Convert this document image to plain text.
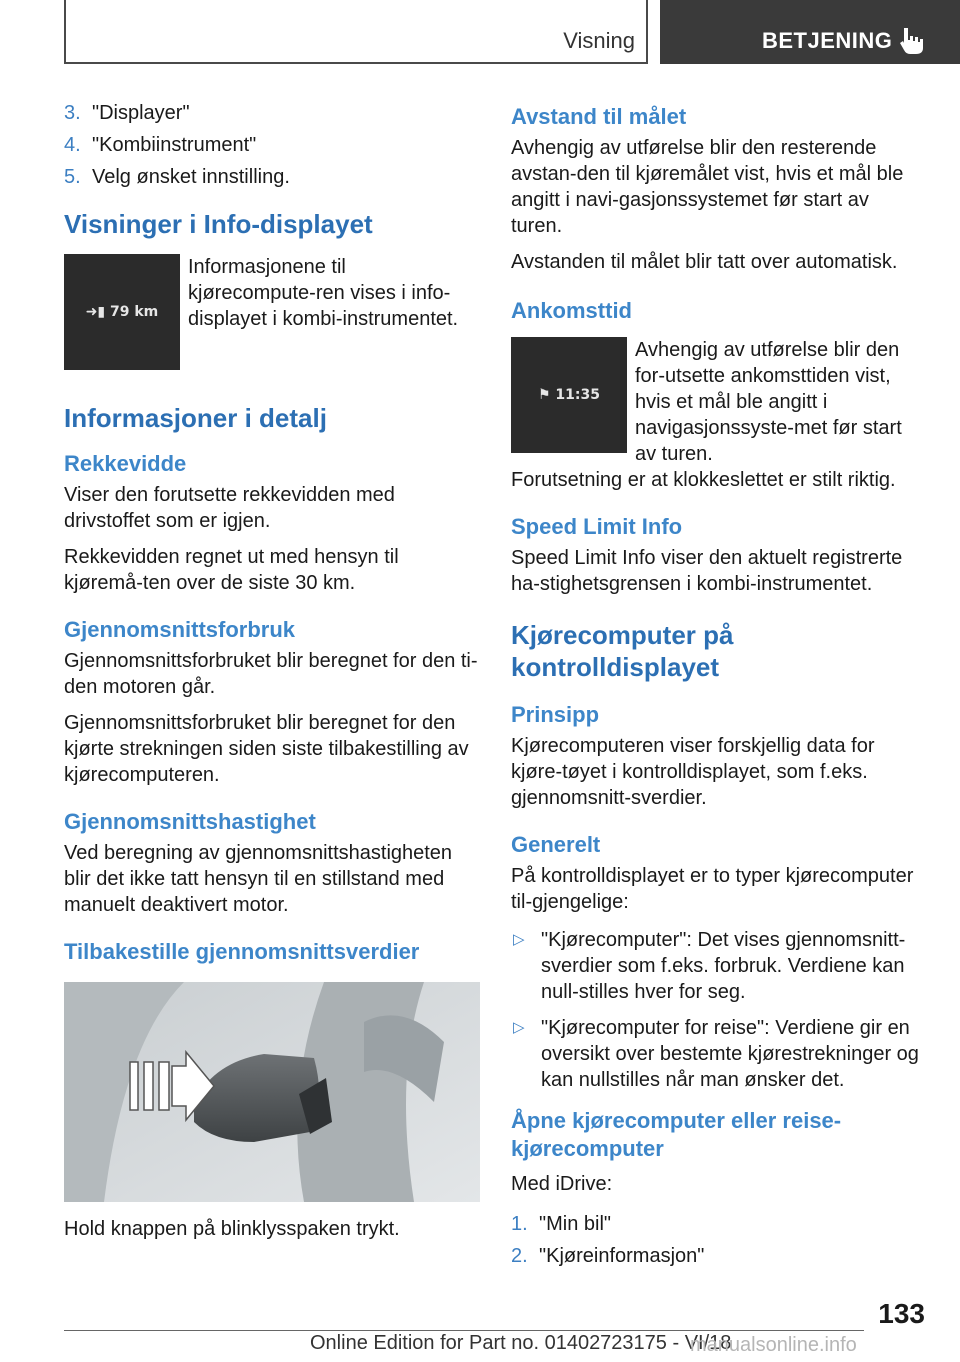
Visning	BETJENING
3. "Displayer"
4. "Kombiinstrument"
5. Velg ønsket innstilling.
Visninger i Info-displayet
➜▮ 79 km

Informasjonene til kjørecompute-ren vises i info-displayet i kombi-instrumentet.

Informasjoner i detalj
Rekkevidde

Viser den forutsette rekkevidden med drivstoffet som er igjen.

Rekkevidden regnet ut med hensyn til kjøremå-ten over de siste 30 km.

Gjennomsnittsforbruk

Gjennomsnittsforbruket blir beregnet for den ti-den motoren går.

Gjennomsnittsforbruket blir beregnet for den kjørte strekningen siden siste tilbakestilling av kjørecomputeren.

Gjennomsnittshastighet

Ved beregning av gjennomsnittshastigheten blir det ikke tatt hensyn til en stillstand med manuelt deaktivert motor.

Tilbakestille gjennomsnittsverdier

Hold knappen på blinklysspaken trykt.

Avstand til målet

Avhengig av utførelse blir den resterende avstan-den til kjøremålet vist, hvis et mål ble angitt i navi-gasjonssystemet før start av turen.

Avstanden til målet blir tatt over automatisk.

Ankomsttid
⚑ 11:35

Avhengig av utførelse blir den for-utsette ankomsttiden vist, hvis et mål ble angitt i navigasjonssyste-met før start av turen.

Forutsetning er at klokkeslettet er stilt riktig.

Speed Limit Info

Speed Limit Info viser den aktuelt registrerte ha-stighetsgrensen i kombi-instrumentet.

Kjørecomputer på kontrolldisplayet
Prinsipp

Kjørecomputeren viser forskjellig data for kjøre-tøyet i kontrolldisplayet, som f.eks. gjennomsnitt-sverdier.

Generelt

På kontrolldisplayet er to typer kjørecomputer til-gjengelige:

▷ "Kjørecomputer": Det vises gjennomsnitt-sverdier som f.eks. forbruk. Verdiene kan null-stilles hver for seg.
▷ "Kjørecomputer for reise": Verdiene gir en oversikt over bestemte kjørestrekninger og kan nullstilles når man ønsker det.
Åpne kjørecomputer eller reise-kjørecomputer

Med iDrive:

1. "Min bil"
2. "Kjøreinformasjon"
133
Online Edition for Part no. 01402723175 - VI/18
manualsonline.info
